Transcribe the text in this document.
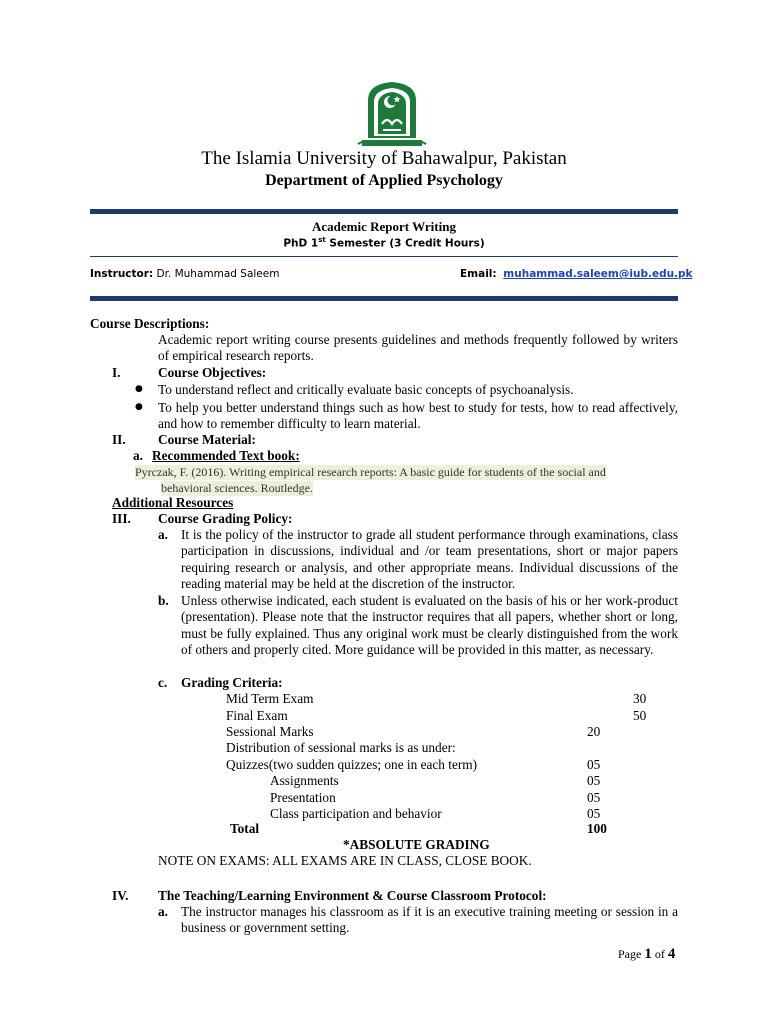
The Islamia University of Bahawalpur, Pakistan
Department of Applied Psychology
Academic Report Writing
PhD 1st Semester (3 Credit Hours)
Instructor: Dr. Muhammad Saleem	Email: muhammad.saleem@iub.edu.pk
Course Descriptions:
Academic report writing course presents guidelines and methods frequently followed by writers of empirical research reports.
I.	Course Objectives:
● To understand reflect and critically evaluate basic concepts of psychoanalysis.
● To help you better understand things such as how best to study for tests, how to read affectively, and how to remember difficulty to learn material.
II. Course Material:
a. Recommended Text book:
Pyrczak, F. (2016). Writing empirical research reports: A basic guide for students of the social and
behavioral sciences. Routledge.
Additional Resources
III. Course Grading Policy:
a. It is the policy of the instructor to grade all student performance through examinations, class participation in discussions, individual and /or team presentations, short or major papers requiring research or analysis, and other appropriate means. Individual discussions of the reading material may be held at the discretion of the instructor.
b. Unless otherwise indicated, each student is evaluated on the basis of his or her work-product (presentation). Please note that the instructor requires that all papers, whether short or long, must be fully explained. Thus any original work must be clearly distinguished from the work of others and properly cited. More guidance will be provided in this matter, as necessary.
c. Grading Criteria:
Mid Term Exam	30
Final Exam	50
Sessional Marks	20
Distribution of sessional marks is as under:
Quizzes(two sudden quizzes; one in each term)	05
Assignments	05
Presentation	05
Class participation and behavior	05
Total	100
*ABSOLUTE GRADING
NOTE ON EXAMS: ALL EXAMS ARE IN CLASS, CLOSE BOOK.
IV. The Teaching/Learning Environment & Course Classroom Protocol:
a. The instructor manages his classroom as if it is an executive training meeting or session in a business or government setting.
Page 1 of 4
